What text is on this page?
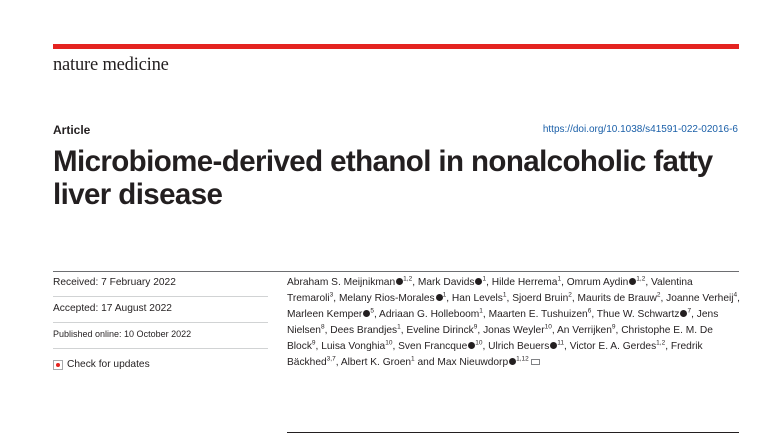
nature medicine
Article	https://doi.org/10.1038/s41591-022-02016-6
Microbiome-derived ethanol in nonalcoholic fatty liver disease
Received: 7 February 2022
Accepted: 17 August 2022
Published online: 10 October 2022
Check for updates
Abraham S. Meijnikman $^{1,2}$, Mark Davids $^1$, Hilde Herrema$^1$, Omrum Aydin $^{1,2}$, Valentina Tremaroli$^3$, Melany Rios-Morales $^1$, Han Levels$^1$, Sjoerd Bruin$^2$, Maurits de Brauw$^2$, Joanne Verheij$^4$, Marleen Kemper $^5$, Adriaan G. Holleboom$^1$, Maarten E. Tushuizen$^6$, Thue W. Schwartz $^7$, Jens Nielsen$^8$, Dees Brandjes$^1$, Eveline Dirinck$^9$, Jonas Weyler$^{10}$, An Verrijken$^9$, Christophe E. M. De Block$^9$, Luisa Vonghia$^{10}$, Sven Francque $^{10}$, Ulrich Beuers $^{11}$, Victor E. A. Gerdes$^{1,2}$, Fredrik Bäckhed$^{3,7}$, Albert K. Groen$^1$ and Max Nieuwdorp $^{1,12}$
